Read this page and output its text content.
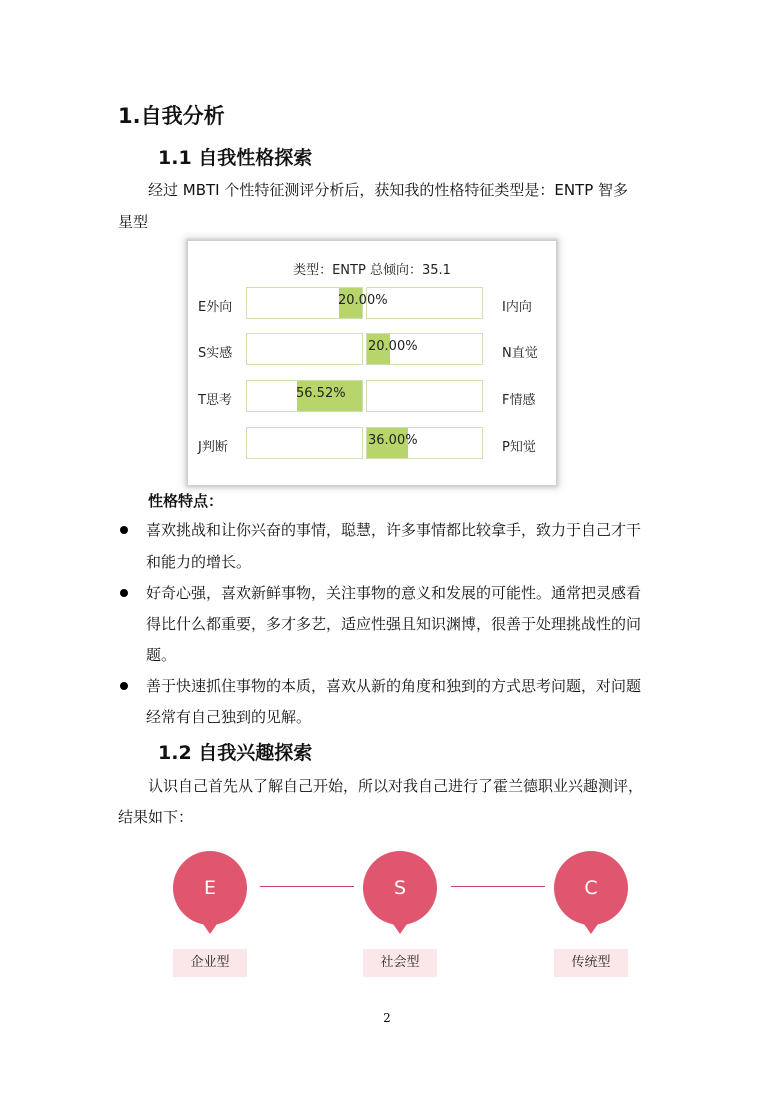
1.自我分析
1.1 自我性格探索
经过 MBTI 个性特征测评分析后，获知我的性格特征类型是：ENTP 智多
星型
类型：ENTP 总倾向：35.1
E外向	20.00%	I内向
S实感	20.00%	N直觉
T思考	56.52%	F情感
J判断	36.00%	P知觉
性格特点：
喜欢挑战和让你兴奋的事情，聪慧，许多事情都比较拿手，致力于自己才干
和能力的增长。
好奇心强，喜欢新鲜事物，关注事物的意义和发展的可能性。通常把灵感看
得比什么都重要，多才多艺，适应性强且知识渊博，很善于处理挑战性的问
题。
善于快速抓住事物的本质，喜欢从新的角度和独到的方式思考问题，对问题
经常有自己独到的见解。
1.2 自我兴趣探索
认识自己首先从了解自己开始，所以对我自己进行了霍兰德职业兴趣测评，
结果如下：
E
企业型
S
社会型
C
传统型
2
